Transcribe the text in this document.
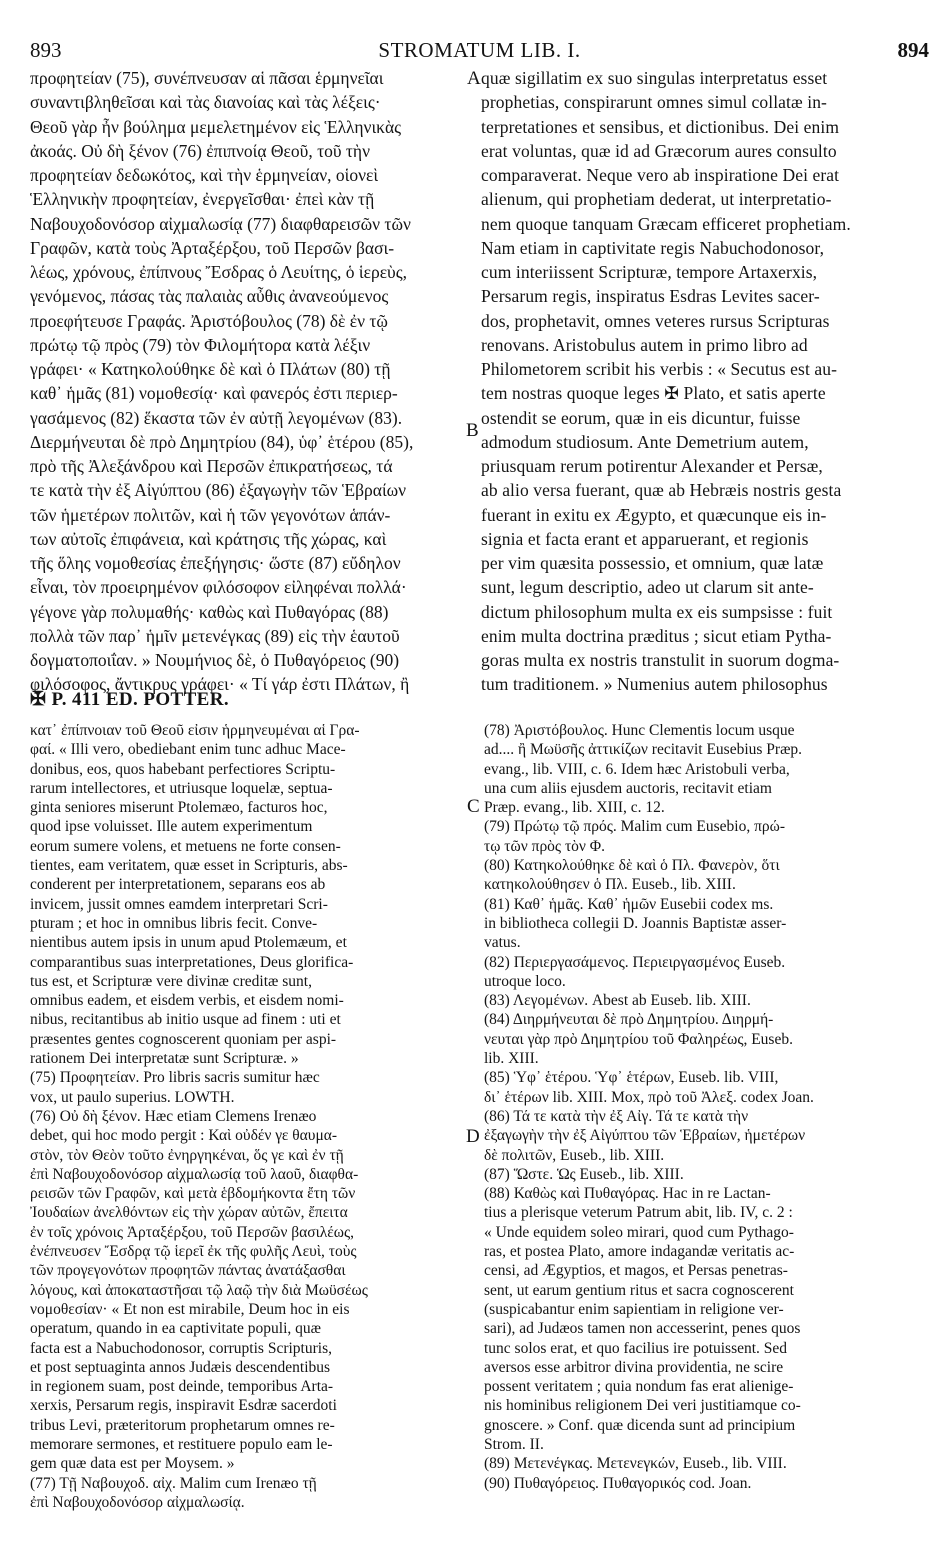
893	STROMATUM LIB. I.	894
προφητείαν (75), συνέπνευσαν αἱ πᾶσαι ἑρμηνεῖαι
συναντιβληθεῖσαι καὶ τὰς διανοίας καὶ τὰς λέξεις·
Θεοῦ γὰρ ἦν βούλημα μεμελετημένον εἰς Ἑλληνικὰς
ἀκοάς. Οὐ δὴ ξένον (76) ἐπιπνοίᾳ Θεοῦ, τοῦ τὴν
προφητείαν δεδωκότος, καὶ τὴν ἑρμηνείαν, οἱονεὶ
Ἑλληνικὴν προφητείαν, ἐνεργεῖσθαι· ἐπεὶ κὰν τῇ
Ναβουχοδονόσορ αἰχμαλωσίᾳ (77) διαφθαρεισῶν τῶν
Γραφῶν, κατὰ τοὺς Ἀρταξέρξου, τοῦ Περσῶν βασι-
λέως, χρόνους, ἐπίπνους Ἔσδρας ὁ Λευίτης, ὁ ἱερεὺς,
γενόμενος, πάσας τὰς παλαιὰς αὖθις ἀνανεούμενος
προεφήτευσε Γραφάς. Ἀριστόβουλος (78) δὲ ἐν τῷ
πρώτῳ τῷ πρὸς (79) τὸν Φιλομήτορα κατὰ λέξιν
γράφει· « Κατηκολούθηκε δὲ καὶ ὁ Πλάτων (80) τῇ
καθ᾿ ἡμᾶς (81) νομοθεσίᾳ· καὶ φανερός ἐστι περιερ-
γασάμενος (82) ἕκαστα τῶν ἐν αὐτῇ λεγομένων (83).
Διερμήνευται δὲ πρὸ Δημητρίου (84), ὑφ᾿ ἑτέρου (85),
πρὸ τῆς Ἀλεξάνδρου καὶ Περσῶν ἐπικρατήσεως, τά
τε κατὰ τὴν ἐξ Αἰγύπτου (86) ἐξαγωγὴν τῶν Ἑβραίων
τῶν ἡμετέρων πολιτῶν, καὶ ἡ τῶν γεγονότων ἁπάν-
των αὐτοῖς ἐπιφάνεια, καὶ κράτησις τῆς χώρας, καὶ
τῆς ὅλης νομοθεσίας ἐπεξήγησις· ὥστε (87) εὔδηλον
εἶναι, τὸν προειρημένον φιλόσοφον εἰληφέναι πολλά·
γέγονε γὰρ πολυμαθής· καθὼς καὶ Πυθαγόρας (88)
πολλὰ τῶν παρ᾿ ἡμῖν μετενέγκας (89) εἰς τὴν ἑαυτοῦ
δογματοποιΐαν. » Νουμήνιος δὲ, ὁ Πυθαγόρειος (90)
φιλόσοφος, ἄντικρυς γράφει· « Τί γάρ ἐστι Πλάτων, ἢ
quæ sigillatim ex suo singulas interpretatus esset
prophetias, conspirarunt omnes simul collatæ in-
terpretationes et sensibus, et dictionibus. Dei enim
erat voluntas, quæ id ad Græcorum aures consulto
comparaverat. Neque vero ab inspiratione Dei erat
alienum, qui prophetiam dederat, ut interpretatio-
nem quoque tanquam Græcam efficeret prophetiam.
Nam etiam in captivitate regis Nabuchodonosor,
cum interiissent Scripturæ, tempore Artaxerxis,
Persarum regis, inspiratus Esdras Levites sacer-
dos, prophetavit, omnes veteres rursus Scripturas
renovans. Aristobulus autem in primo libro ad
Philometorem scribit his verbis : « Secutus est au-
tem nostras quoque leges ✠ Plato, et satis aperte
ostendit se eorum, quæ in eis dicuntur, fuisse
admodum studiosum. Ante Demetrium autem,
priusquam rerum potirentur Alexander et Persæ,
ab alio versa fuerant, quæ ab Hebræis nostris gesta
fuerant in exitu ex Ægypto, et quæcunque eis in-
signia et facta erant et apparuerant, et regionis
per vim quæsita possessio, et omnium, quæ latæ
sunt, legum descriptio, adeo ut clarum sit ante-
dictum philosophum multa ex eis sumpsisse : fuit
enim multa doctrina præditus ; sicut etiam Pytha-
goras multa ex nostris transtulit in suorum dogma-
tum traditionem. » Numenius autem philosophus
A
B
C
D
✠ P. 411 ED. POTTER.
κατ᾿ ἐπίπνοιαν τοῦ Θεοῦ εἰσιν ἡρμηνευμέναι αἱ Γρα-
φαί. « Illi vero, obediebant enim tunc adhuc Mace-
donibus, eos, quos habebant perfectiores Scriptu-
rarum intellectores, et utriusque loquelæ, septua-
ginta seniores miserunt Ptolemæo, facturos hoc,
quod ipse voluisset. Ille autem experimentum
eorum sumere volens, et metuens ne forte consen-
tientes, eam veritatem, quæ esset in Scripturis, abs-
conderent per interpretationem, separans eos ab
invicem, jussit omnes eamdem interpretari Scri-
pturam ; et hoc in omnibus libris fecit. Conve-
nientibus autem ipsis in unum apud Ptolemæum, et
comparantibus suas interpretationes, Deus glorifica-
tus est, et Scripturæ vere divinæ creditæ sunt,
omnibus eadem, et eisdem verbis, et eisdem nomi-
nibus, recitantibus ab initio usque ad finem : uti et
præsentes gentes cognoscerent quoniam per aspi-
rationem Dei interpretatæ sunt Scripturæ. »
(75) Προφητείαν. Pro libris sacris sumitur hæc
vox, ut paulo superius. LOWTH.
(76) Οὐ δὴ ξένον. Hæc etiam Clemens Irenæo
debet, qui hoc modo pergit : Καὶ οὐδέν γε θαυμα-
στὸν, τὸν Θεὸν τοῦτο ἐνηργηκέναι, ὅς γε καὶ ἐν τῇ
ἐπὶ Ναβουχοδονόσορ αἰχμαλωσίᾳ τοῦ λαοῦ, διαφθα-
ρεισῶν τῶν Γραφῶν, καὶ μετὰ ἑβδομήκοντα ἔτη τῶν
Ἰουδαίων ἀνελθόντων εἰς τὴν χώραν αὐτῶν, ἔπειτα
ἐν τοῖς χρόνοις Ἀρταξέρξου, τοῦ Περσῶν βασιλέως,
ἐνέπνευσεν Ἔσδρᾳ τῷ ἱερεῖ ἐκ τῆς φυλῆς Λευὶ, τοὺς
τῶν προγεγονότων προφητῶν πάντας ἀνατάξασθαι
λόγους, καὶ ἀποκαταστῆσαι τῷ λαῷ τὴν διὰ Μωϋσέως
νομοθεσίαν· « Et non est mirabile, Deum hoc in eis
operatum, quando in ea captivitate populi, quæ
facta est a Nabuchodonosor, corruptis Scripturis,
et post septuaginta annos Judæis descendentibus
in regionem suam, post deinde, temporibus Arta-
xerxis, Persarum regis, inspiravit Esdræ sacerdoti
tribus Levi, præteritorum prophetarum omnes re-
memorare sermones, et restituere populo eam le-
gem quæ data est per Moysem. »
(77) Τῇ Ναβουχοδ. αἰχ. Malim cum Irenæo τῇ
ἐπὶ Ναβουχοδονόσορ αἰχμαλωσίᾳ.
(78) Ἀριστόβουλος. Hunc Clementis locum usque
ad.... ἢ Μωϋσῆς ἀττικίζων recitavit Eusebius Præp.
evang., lib. VIII, c. 6. Idem hæc Aristobuli verba,
una cum aliis ejusdem auctoris, recitavit etiam
Præp. evang., lib. XIII, c. 12.
(79) Πρώτῳ τῷ πρός. Malim cum Eusebio, πρώ-
τῳ τῶν πρὸς τὸν Φ.
(80) Κατηκολούθηκε δὲ καὶ ὁ Πλ. Φανερὸν, ὅτι
κατηκολούθησεν ὁ Πλ. Euseb., lib. XIII.
(81) Καθ᾿ ἡμᾶς. Καθ᾿ ἡμῶν Eusebii codex ms.
in bibliotheca collegii D. Joannis Baptistæ asser-
vatus.
(82) Περιεργασάμενος. Περιειργασμένος Euseb.
utroque loco.
(83) Λεγομένων. Abest ab Euseb. lib. XIII.
(84) Διηρμήνευται δὲ πρὸ Δημητρίου. Διηρμή-
νευται γὰρ πρὸ Δημητρίου τοῦ Φαληρέως, Euseb.
lib. XIII.
(85) Ὑφ᾿ ἑτέρου. Ὑφ᾿ ἑτέρων, Euseb. lib. VIII,
δι᾿ ἑτέρων lib. XIII. Mox, πρὸ τοῦ Ἀλεξ. codex Joan.
(86) Τά τε κατὰ τὴν ἐξ Αἰγ. Τά τε κατὰ τὴν
ἐξαγωγὴν τὴν ἐξ Αἰγύπτου τῶν Ἑβραίων, ἡμετέρων
δὲ πολιτῶν, Euseb., lib. XIII.
(87) Ὥστε. Ὡς Euseb., lib. XIII.
(88) Καθὼς καὶ Πυθαγόρας. Hac in re Lactan-
tius a plerisque veterum Patrum abit, lib. IV, c. 2 :
« Unde equidem soleo mirari, quod cum Pythago-
ras, et postea Plato, amore indagandæ veritatis ac-
censi, ad Ægyptios, et magos, et Persas penetras-
sent, ut earum gentium ritus et sacra cognoscerent
(suspicabantur enim sapientiam in religione ver-
sari), ad Judæos tamen non accesserint, penes quos
tunc solos erat, et quo facilius ire potuissent. Sed
aversos esse arbitror divina providentia, ne scire
possent veritatem ; quia nondum fas erat alienige-
nis hominibus religionem Dei veri justitiamque co-
gnoscere. » Conf. quæ dicenda sunt ad principium
Strom. II.
(89) Μετενέγκας. Μετενεγκών, Euseb., lib. VIII.
(90) Πυθαγόρειος. Πυθαγορικός cod. Joan.
